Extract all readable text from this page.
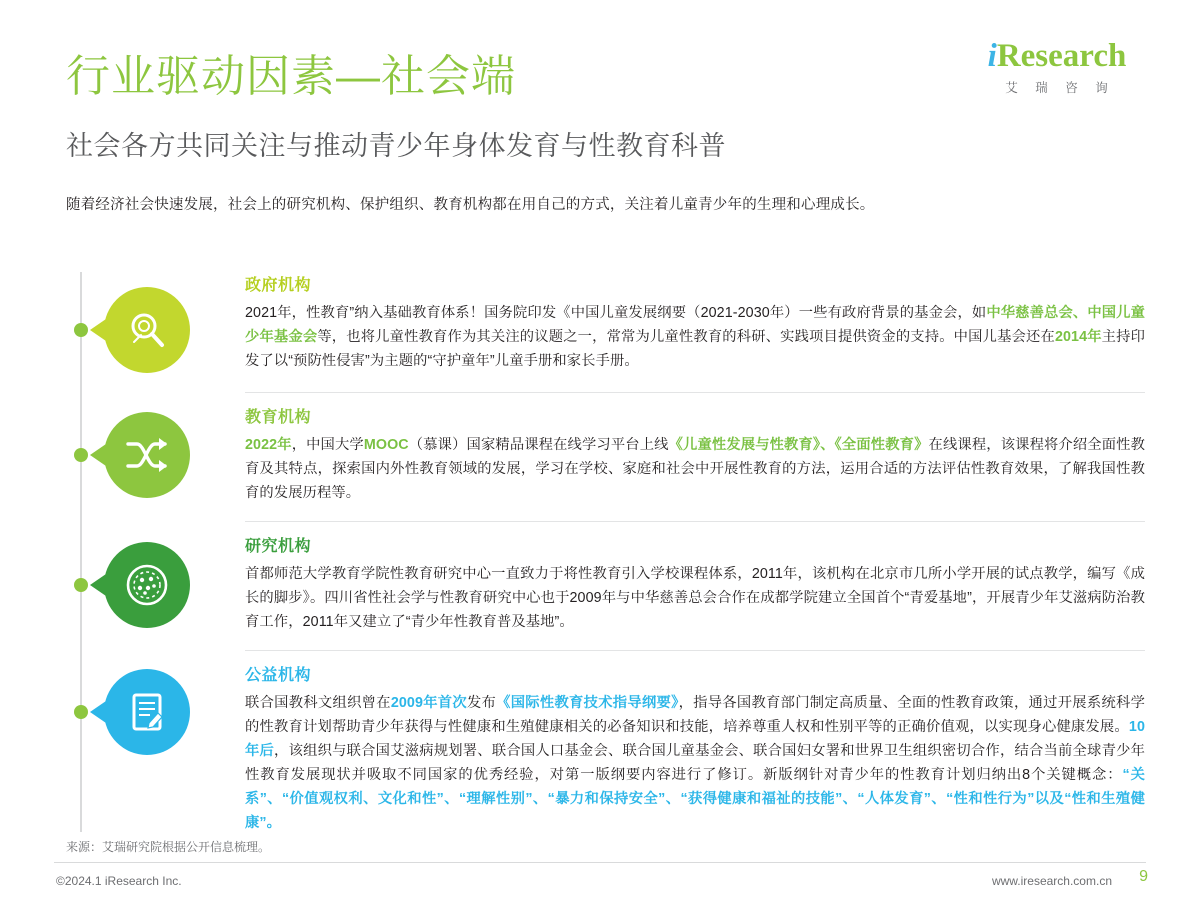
iResearch
艾 瑞 咨 询
行业驱动因素—社会端
社会各方共同关注与推动青少年身体发育与性教育科普
随着经济社会快速发展，社会上的研究机构、保护组织、教育机构都在用自己的方式，关注着儿童青少年的生理和心理成长。
政府机构

2021年，性教育”纳入基础教育体系！国务院印发《中国儿童发展纲要（2021-2030年）一些有政府背景的基金会，如中华慈善总会、中国儿童少年基金会等，也将儿童性教育作为其关注的议题之一，常常为儿童性教育的科研、实践项目提供资金的支持。中国儿基会还在2014年主持印发了以“预防性侵害”为主题的“守护童年”儿童手册和家长手册。

教育机构

2022年，中国大学MOOC（慕课）国家精品课程在线学习平台上线《儿童性发展与性教育》、《全面性教育》在线课程，该课程将介绍全面性教育及其特点，探索国内外性教育领域的发展，学习在学校、家庭和社会中开展性教育的方法，运用合适的方法评估性教育效果，了解我国性教育的发展历程等。

研究机构

首都师范大学教育学院性教育研究中心一直致力于将性教育引入学校课程体系，2011年，该机构在北京市几所小学开展的试点教学，编写《成长的脚步》。四川省性社会学与性教育研究中心也于2009年与中华慈善总会合作在成都学院建立全国首个“青爱基地”，开展青少年艾滋病防治教育工作，2011年又建立了“青少年性教育普及基地”。

公益机构

联合国教科文组织曾在2009年首次发布《国际性教育技术指导纲要》，指导各国教育部门制定高质量、全面的性教育政策，通过开展系统科学的性教育计划帮助青少年获得与性健康和生殖健康相关的必备知识和技能，培养尊重人权和性别平等的正确价值观，以实现身心健康发展。10年后，该组织与联合国艾滋病规划署、联合国人口基金会、联合国儿童基金会、联合国妇女署和世界卫生组织密切合作，结合当前全球青少年性教育发展现状并吸取不同国家的优秀经验，对第一版纲要内容进行了修订。新版纲针对青少年的性教育计划归纳出8个关键概念：“关系”、“价值观权利、文化和性”、“理解性别”、“暴力和保持安全”、“获得健康和福祉的技能”、“人体发育”、“性和性行为”以及“性和生殖健康”。

来源：艾瑞研究院根据公开信息梳理。
©2024.1 iResearch Inc.	www.iresearch.com.cn 9
